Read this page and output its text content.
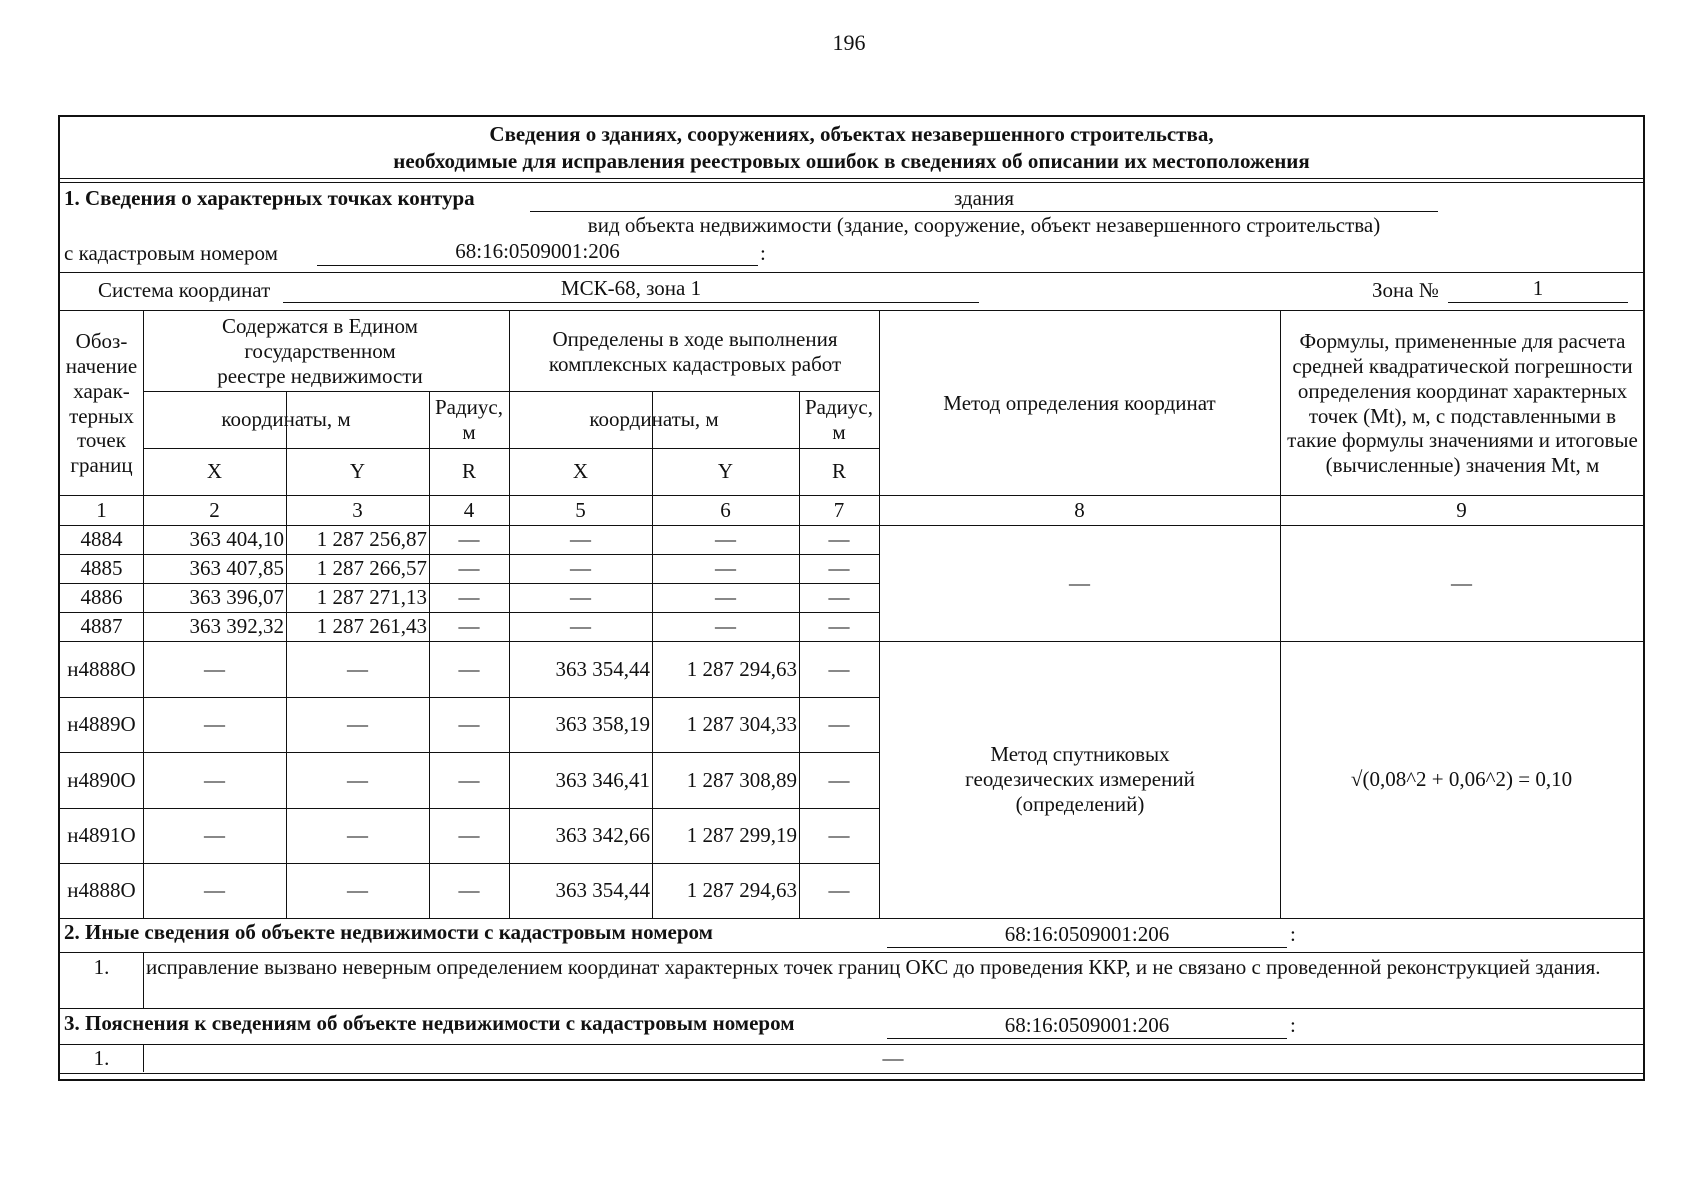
196
Сведения о зданиях, сооружениях, объектах незавершенного строительства,
необходимые для исправления реестровых ошибок в сведениях об описании их местоположения
1. Сведения о характерных точках контура	здания
вид объекта недвижимости (здание, сооружение, объект незавершенного строительства)
с кадастровым номером	68:16:0509001:206	:
Система координат	МСК-68, зона 1	Зона №	1
Обоз-
начение
харак-
терных
точек
границ
Содержатся в Едином государственном реестре недвижимости
Определены в ходе выполнения комплексных кадастровых работ
координаты, м
Радиус,
м
координаты, м
Радиус,
м
X	Y	R	X	Y	R
Метод определения координат
Формулы, примененные для расчета средней квадратической погрешности определения координат характерных точек (Mt), м, с подставленными в такие формулы значениями и итоговые (вычисленные) значения Mt, м
1	2	3	4	5	6	7	8	9
4884	363 404,10	1 287 256,87	—	—	—	—
4885	363 407,85	1 287 266,57	—	—	—	—
4886	363 396,07	1 287 271,13	—	—	—	—
4887	363 392,32	1 287 261,43	—	—	—	—
—	—
н4888О	—	—	—	363 354,44	1 287 294,63	—
н4889О	—	—	—	363 358,19	1 287 304,33	—
н4890О	—	—	—	363 346,41	1 287 308,89	—
н4891О	—	—	—	363 342,66	1 287 299,19	—
н4888О	—	—	—	363 354,44	1 287 294,63	—
Метод спутниковых геодезических измерений (определений)
√(0,08^2 + 0,06^2) = 0,10
2. Иные сведения об объекте недвижимости с кадастровым номером	68:16:0509001:206	:
1.	исправление вызвано неверным определением координат характерных точек границ ОКС до проведения ККР, и не связано с проведенной реконструкцией здания.
3. Пояснения к сведениям об объекте недвижимости с кадастровым номером	68:16:0509001:206	:
1.	—
